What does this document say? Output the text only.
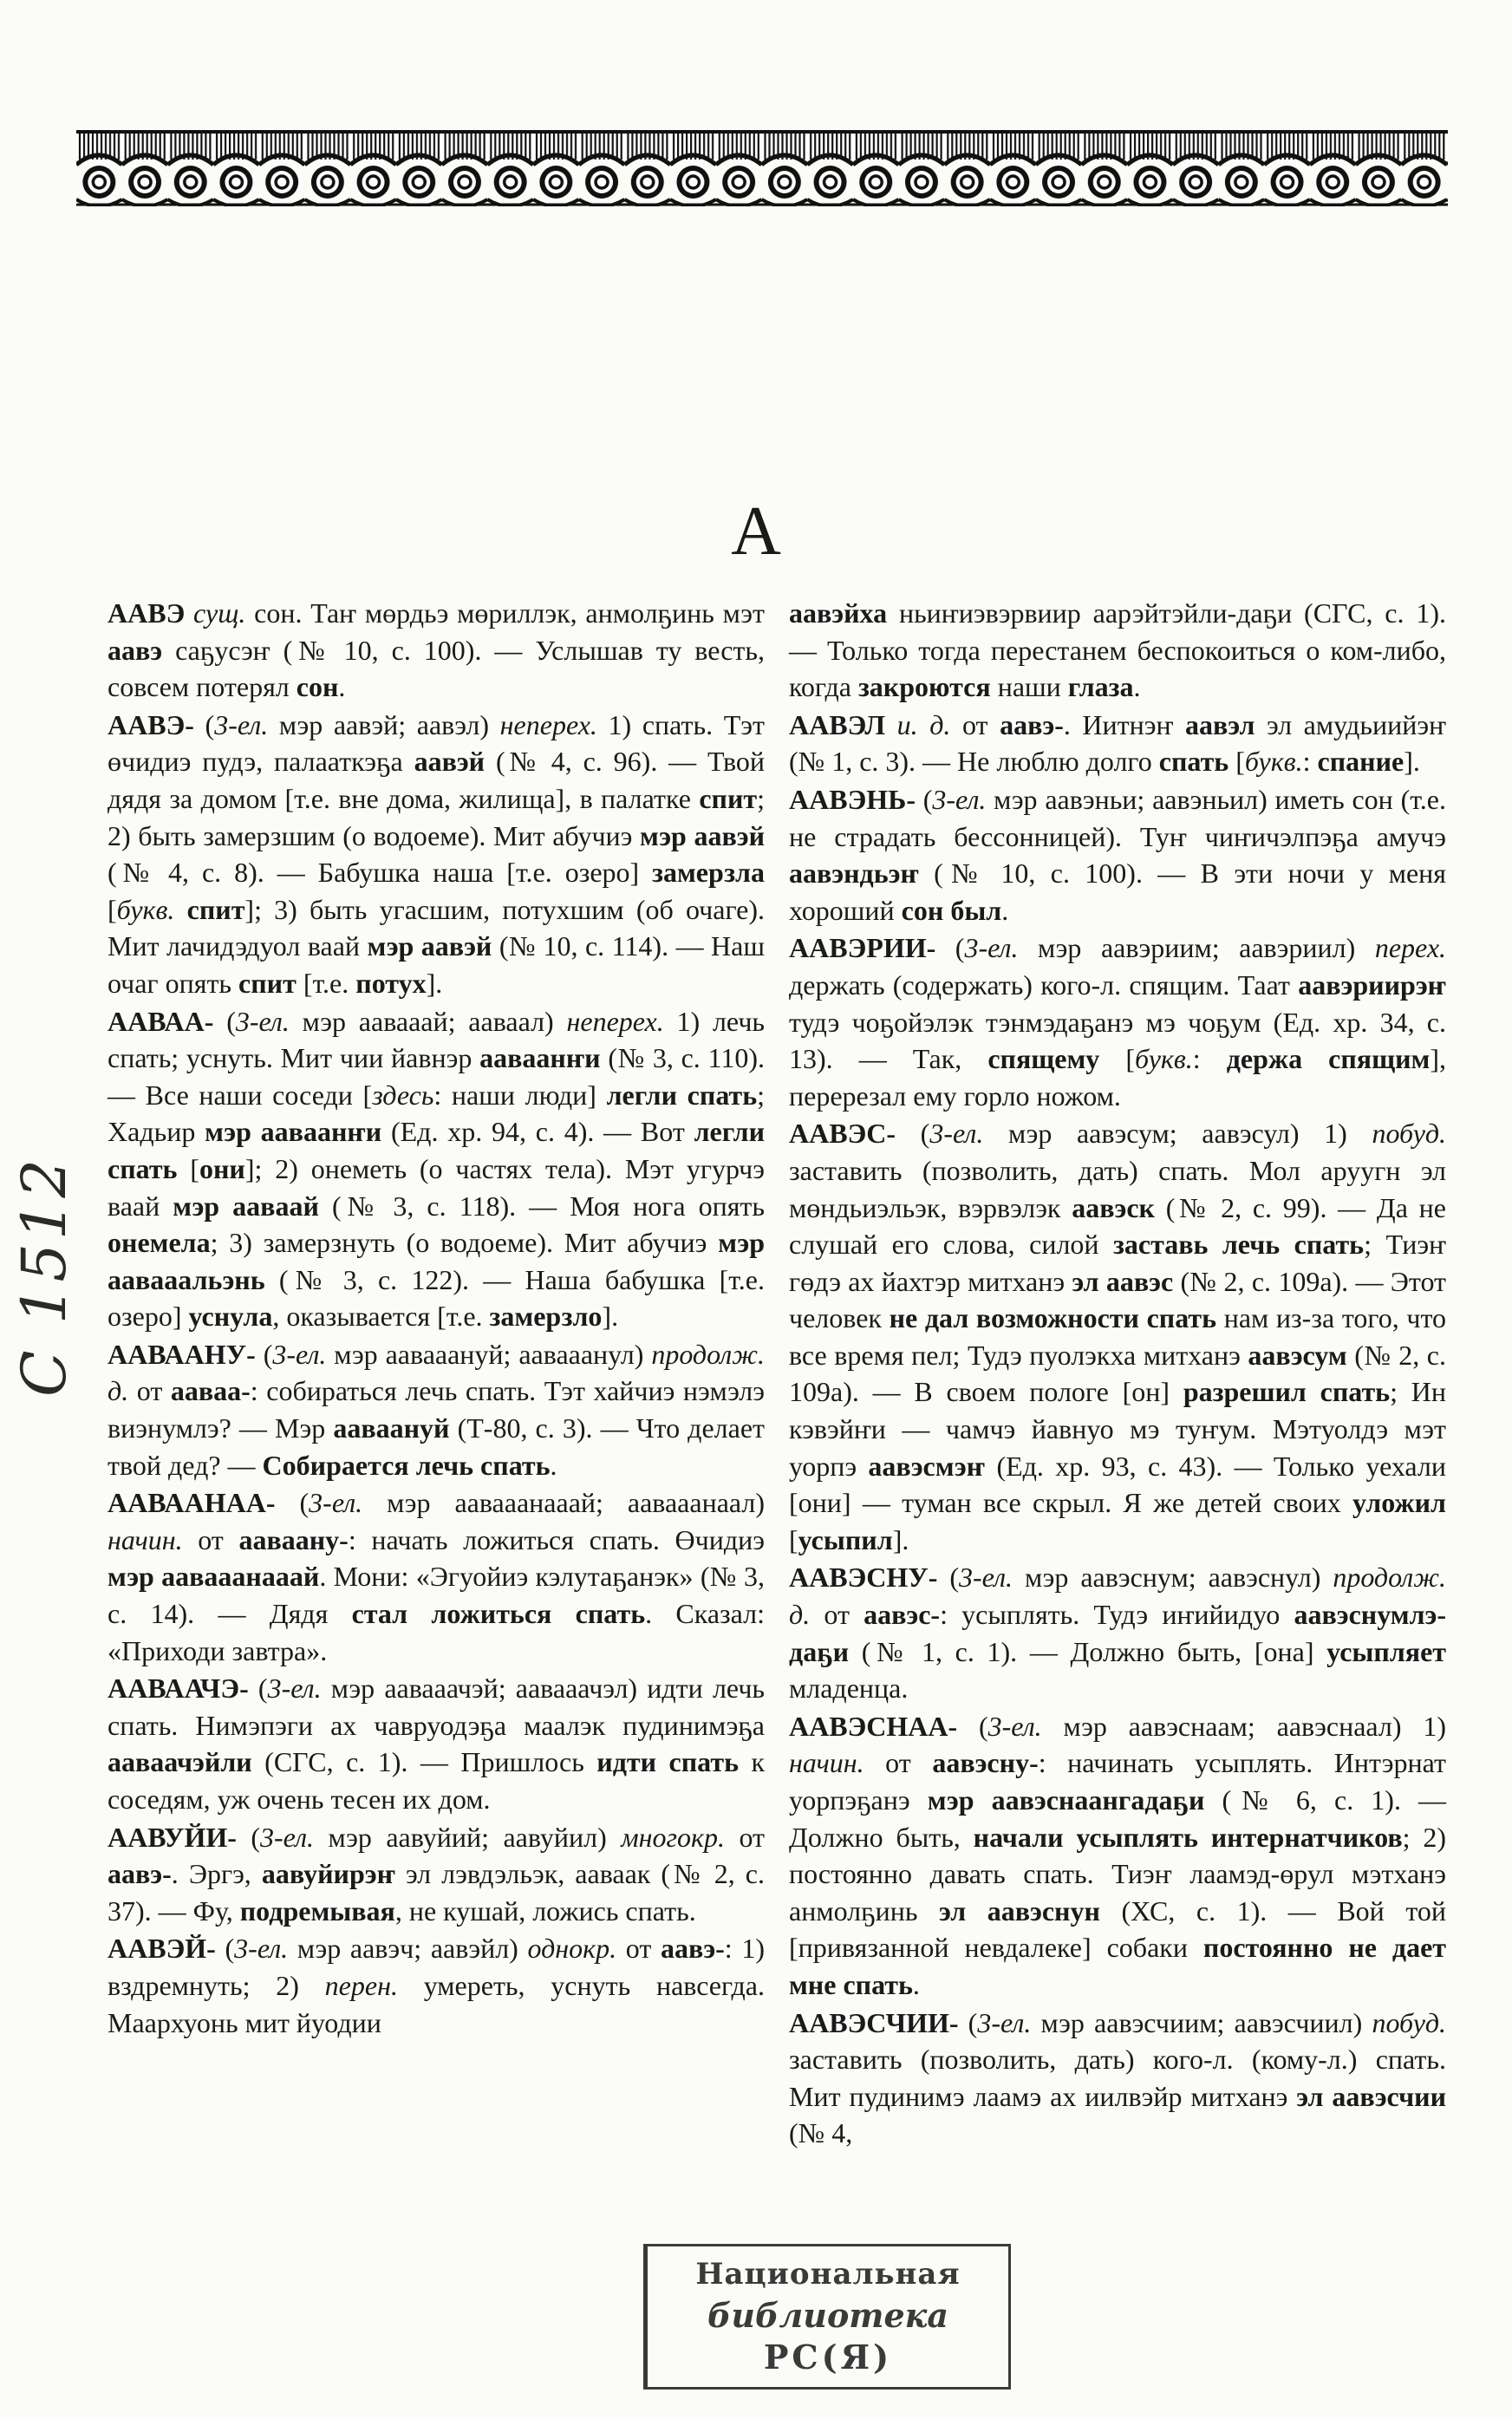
А
С 1512

ААВЭ сущ. сон. Таҥ мөрдьэ мөриллэк, анмолҕинь мэт аавэ саҕусэҥ (№ 10, с. 100). — Услышав ту весть, совсем потерял сон.

ААВЭ- (3-ел. мэр аавэй; аавэл) неперех. 1) спать. Тэт өчидиэ пудэ, палааткэҕа аавэй (№ 4, с. 96). — Твой дядя за домом [т.е. вне дома, жилища], в палатке спит; 2) быть замерзшим (о водоеме). Мит абучиэ мэр аавэй (№ 4, с. 8). — Бабушка наша [т.е. озеро] замерзла [букв. спит]; 3) быть угасшим, потухшим (об очаге). Мит лачидэдуол ваай мэр аавэй (№ 10, с. 114). — Наш очаг опять спит [т.е. потух].

ААВАА- (3-ел. мэр аавааай; ааваал) неперех. 1) лечь спать; уснуть. Мит чии йавнэр ааваанҥи (№ 3, с. 110). — Все наши соседи [здесь: наши люди] легли спать; Хадьир мэр ааваанҥи (Ед. хр. 94, с. 4). — Вот легли спать [они]; 2) онеметь (о частях тела). Мэт угурчэ ваай мэр ааваай (№ 3, с. 118). — Моя нога опять онемела; 3) замерзнуть (о водоеме). Мит абучиэ мэр аавааальэнь (№ 3, с. 122). — Наша бабушка [т.е. озеро] уснула, оказывается [т.е. замерзло].

ААВААНУ- (3-ел. мэр аавааануй; аавааанул) продолж. д. от ааваа-: собираться лечь спать. Тэт хайчиэ нэмэлэ виэнумлэ? — Мэр ааваануй (Т-80, с. 3). — Что делает твой дед? — Собирается лечь спать.

ААВААНАА- (3-ел. мэр аавааанааай; аавааанаал) начин. от ааваану-: начать ложиться спать. Өчидиэ мэр аавааанааай. Мони: «Эгуойиэ кэлутаҕанэк» (№ 3, с. 14). — Дядя стал ложиться спать. Сказал: «Приходи завтра».

ААВААЧЭ- (3-ел. мэр аавааачэй; аавааачэл) идти лечь спать. Нимэпэги ах чавруодэҕа маалэк пудинимэҕа ааваачэйли (СГС, с. 1). — Пришлось идти спать к соседям, уж очень тесен их дом.

ААВУЙИ- (3-ел. мэр аавуйий; аавуйил) многокр. от аавэ-. Эргэ, аавуйирэҥ эл лэвдэльэк, ааваак (№ 2, с. 37). — Фу, подремывая, не кушай, ложись спать.

ААВЭЙ- (3-ел. мэр аавэч; аавэйл) однокр. от аавэ-: 1) вздремнуть; 2) перен. умереть, уснуть навсегда. Маархуонь мит йуодии

аавэйха ньиҥиэвэрвиир аарэйтэйли-даҕи (СГС, с. 1). — Только тогда перестанем беспокоиться о ком-либо, когда закроются наши глаза.

ААВЭЛ и. д. от аавэ-. Иитнэҥ аавэл эл амудьиийэҥ (№ 1, с. 3). — Не люблю долго спать [букв.: спание].

ААВЭНЬ- (3-ел. мэр аавэньи; аавэньил) иметь сон (т.е. не страдать бессонницей). Туҥ чиҥичэлпэҕа амучэ аавэндьэҥ (№ 10, с. 100). — В эти ночи у меня хороший сон был.

ААВЭРИИ- (3-ел. мэр аавэриим; аавэриил) перех. держать (содержать) кого-л. спящим. Таат аавэриирэҥ тудэ чоҕойэлэк тэнмэдаҕанэ мэ чоҕум (Ед. хр. 34, с. 13). — Так, спящему [букв.: держа спящим], перерезал ему горло ножом.

ААВЭС- (3-ел. мэр аавэсум; аавэсул) 1) побуд. заставить (позволить, дать) спать. Мол аруугн эл мөндьиэльэк, вэрвэлэк аавэск (№ 2, с. 99). — Да не слушай его слова, силой заставь лечь спать; Тиэҥ гөдэ ах йахтэр митханэ эл аавэс (№ 2, с. 109а). — Этот человек не дал возможности спать нам из-за того, что все время пел; Тудэ пуолэкха митханэ аавэсум (№ 2, с. 109а). — В своем пологе [он] разрешил спать; Ин кэвэйҥи — чамчэ йавнуо мэ туҥум. Мэтуолдэ мэт уорпэ аавэсмэҥ (Ед. хр. 93, с. 43). — Только уехали [они] — туман все скрыл. Я же детей своих уложил [усыпил].

ААВЭСНУ- (3-ел. мэр аавэснум; аавэснул) продолж. д. от аавэс-: усыплять. Тудэ иҥийидуо аавэснумлэ-даҕи (№ 1, с. 1). — Должно быть, [она] усыпляет младенца.

ААВЭСНАА- (3-ел. мэр аавэснаам; аавэснаал) 1) начин. от аавэсну-: начинать усыплять. Интэрнат уорпэҕанэ мэр аавэснаангадаҕи (№ 6, с. 1). — Должно быть, начали усыплять интернатчиков; 2) постоянно давать спать. Тиэҥ лаамэд-өрул мэтханэ анмолҕинь эл аавэснун (ХС, с. 1). — Вой той [привязанной невдалеке] собаки постоянно не дает мне спать.

ААВЭСЧИИ- (3-ел. мэр аавэсчиим; аавэсчиил) побуд. заставить (позволить, дать) кого-л. (кому-л.) спать. Мит пудинимэ лаамэ ах иилвэйр митханэ эл аавэсчии (№ 4,

Национальная
библиотека
РС(Я)
